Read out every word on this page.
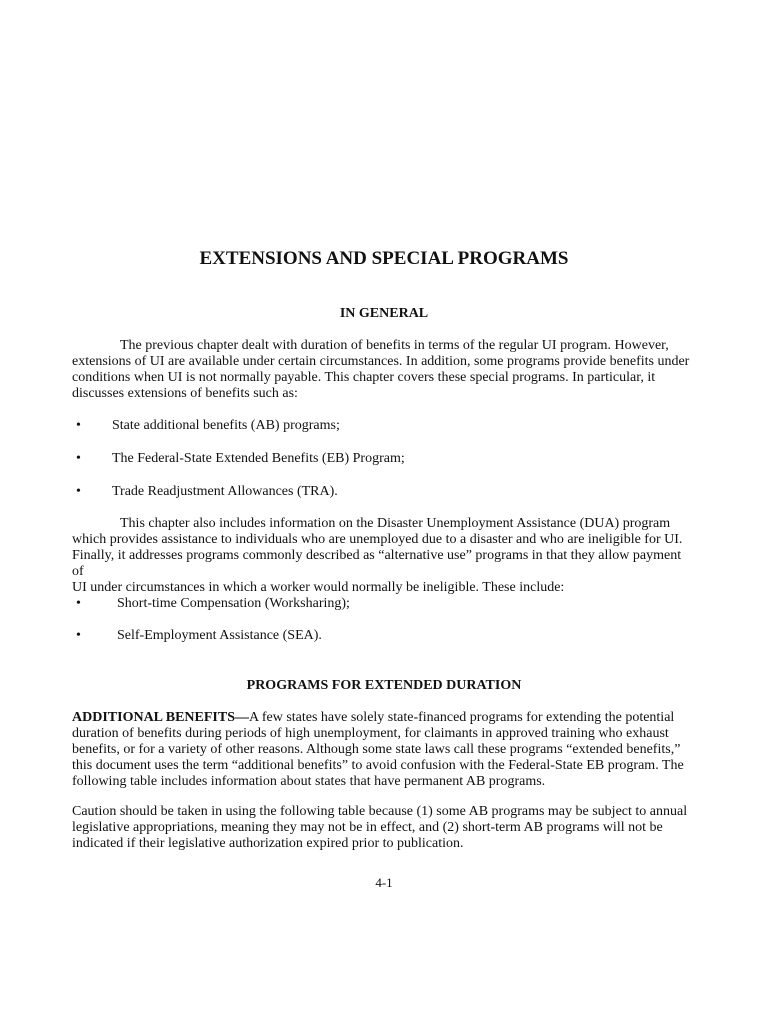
EXTENSIONS AND SPECIAL PROGRAMS
IN GENERAL

The previous chapter dealt with duration of benefits in terms of the regular UI program. However,
extensions of UI are available under certain circumstances. In addition, some programs provide benefits under
conditions when UI is not normally payable. This chapter covers these special programs. In particular, it
discusses extensions of benefits such as:

• State additional benefits (AB) programs;
• The Federal-State Extended Benefits (EB) Program;
• Trade Readjustment Allowances (TRA).

This chapter also includes information on the Disaster Unemployment Assistance (DUA) program
which provides assistance to individuals who are unemployed due to a disaster and who are ineligible for UI.
Finally, it addresses programs commonly described as “alternative use” programs in that they allow payment of
UI under circumstances in which a worker would normally be ineligible. These include:

•	Short-time Compensation (Worksharing);
•	Self-Employment Assistance (SEA).
PROGRAMS FOR EXTENDED DURATION

ADDITIONAL BENEFITS—A few states have solely state-financed programs for extending the potential
duration of benefits during periods of high unemployment, for claimants in approved training who exhaust
benefits, or for a variety of other reasons. Although some state laws call these programs “extended benefits,”
this document uses the term “additional benefits” to avoid confusion with the Federal-State EB program. The
following table includes information about states that have permanent AB programs.

Caution should be taken in using the following table because (1) some AB programs may be subject to annual
legislative appropriations, meaning they may not be in effect, and (2) short-term AB programs will not be
indicated if their legislative authorization expired prior to publication.

4-1
